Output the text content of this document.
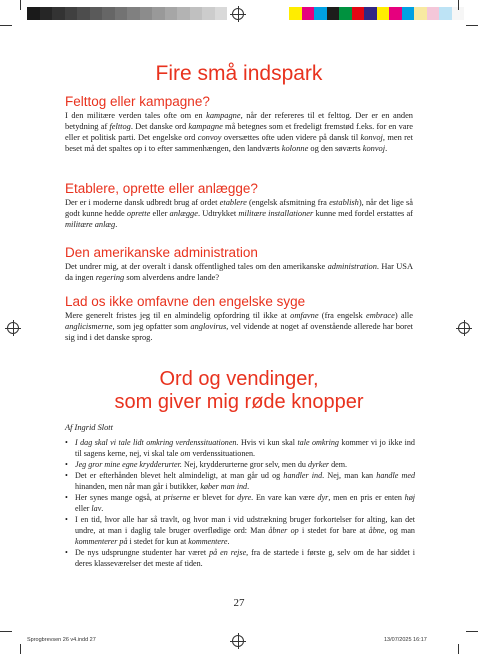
Fire små indspark
Felttog eller kampagne?

I den militære verden tales ofte om en kampagne, når der refereres til et felttog. Der er en anden betydning af felttog. Det danske ord kampagne må betegnes som et fredeligt fremstød f.eks. for en vare eller et politisk parti. Det engelske ord convoy oversættes ofte uden videre på dansk til konvoj, men ret beset må det spaltes op i to efter sammenhængen, den landværts kolonne og den søværts konvoj.

Etablere, oprette eller anlægge?

Der er i moderne dansk udbredt brug af ordet etablere (engelsk afsmitning fra establish), når det lige så godt kunne hedde oprette eller anlægge. Udtrykket militære installationer kunne med fordel erstattes af militære anlæg.

Den amerikanske administration

Det undrer mig, at der overalt i dansk offentlighed tales om den amerikanske administration. Har USA da ingen regering som alverdens andre lande?

Lad os ikke omfavne den engelske syge

Mere generelt fristes jeg til en almindelig opfordring til ikke at omfavne (fra engelsk embrace) alle anglicismerne, som jeg opfatter som anglovirus, vel vidende at noget af ovenstående allerede har boret sig ind i det danske sprog.

Ord og vendinger,
som giver mig røde knopper

Af Ingrid Slott

• I dag skal vi tale lidt omkring verdenssituationen. Hvis vi kun skal tale omkring kommer vi jo ikke ind til sagens kerne, nej, vi skal tale om verdenssituationen.
• Jeg gror mine egne krydderurter. Nej, krydderurterne gror selv, men du dyrker dem.
• Det er efterhånden blevet helt almindeligt, at man går ud og handler ind. Nej, man kan handle med hinanden, men når man går i butikker, køber man ind.
• Her synes mange også, at priserne er blevet for dyre. En vare kan være dyr, men en pris er enten høj eller lav.
• I en tid, hvor alle har så travlt, og hvor man i vid udstrækning bruger forkortelser for alting, kan det undre, at man i daglig tale bruger overflødige ord: Man åbner op i stedet for bare at åbne, og man kommenterer på i stedet for kun at kommentere.
• De nys udsprungne studenter har været på en rejse, fra de startede i første g, selv om de har siddet i deres klasseværelser det meste af tiden.
27
Sprogbrevsen 26 v4.indd 27	13/07/2025 16:17
